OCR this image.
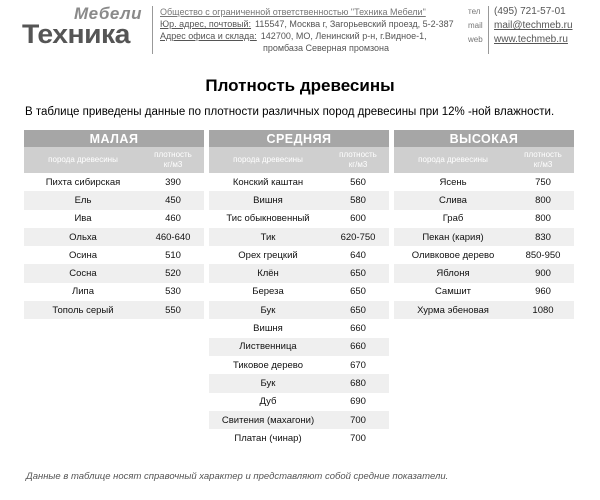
Мебели
Техника
Общество с ограниченной ответственностью "Техника Мебели"
Юр. адрес, почтовый: 115547, Москва г, Загорьевский проезд, 5-2-387
Адрес офиса и склада: 142700, МО, Ленинский р-н, г.Видное-1,
промбаза Северная промзона
тел (495) 721-57-01
mail mail@techmeb.ru
web www.techmeb.ru
Плотность древесины
В таблице приведены данные по плотности различных пород древесины при 12% -ной влажности.
МАЛАЯ	
порода древесины	плотность
кг/м3
Пихта сибирская	390
Ель	450
Ива	460
Ольха	460-640
Осина	510
Сосна	520
Липа	530
Тополь серый	550
СРЕДНЯЯ	
порода древесины	плотность
кг/м3
Конский каштан	560
Вишня	580
Тис обыкновенный	600
Тик	620-750
Орех грецкий	640
Клён	650
Береза	650
Бук	650
Вишня	660
Лиственница	660
Тиковое дерево	670
Бук	680
Дуб	690
Свитения (махагони)	700
Платан (чинар)	700
ВЫСОКАЯ	
порода древесины	плотность
кг/м3
Ясень	750
Слива	800
Граб	800
Пекан (кария)	830
Оливковое дерево	850-950
Яблоня	900
Самшит	960
Хурма эбеновая	1080
Данные в таблице носят справочный характер и представляют собой средние показатели.
